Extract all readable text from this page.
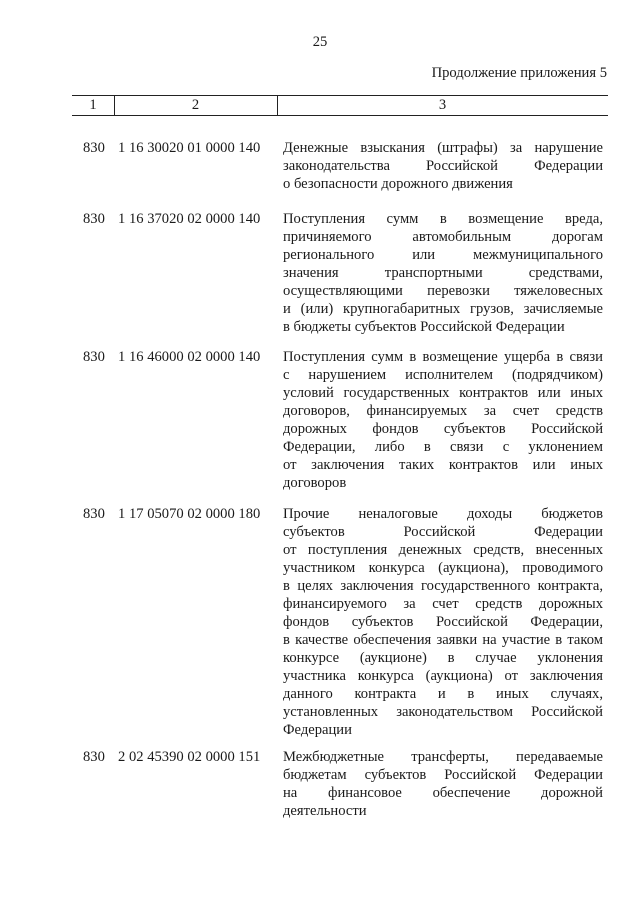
25
Продолжение приложения 5
1	2	3
830 1 16 30020 01 0000 140 Денежные взыскания (штрафы) за нарушение
законодательства Российской Федерации
о безопасности дорожного движения
830 1 16 37020 02 0000 140 Поступления сумм в возмещение вреда,
причиняемого автомобильным дорогам
регионального или межмуниципального
значения транспортными средствами,
осуществляющими перевозки тяжеловесных
и (или) крупногабаритных грузов, зачисляемые
в бюджеты субъектов Российской Федерации
830 1 16 46000 02 0000 140 Поступления сумм в возмещение ущерба в связи
с нарушением исполнителем (подрядчиком)
условий государственных контрактов или иных
договоров, финансируемых за счет средств
дорожных фондов субъектов Российской
Федерации, либо в связи с уклонением
от заключения таких контрактов или иных
договоров
830 1 17 05070 02 0000 180 Прочие неналоговые доходы бюджетов
субъектов Российской Федерации
от поступления денежных средств, внесенных
участником конкурса (аукциона), проводимого
в целях заключения государственного контракта,
финансируемого за счет средств дорожных
фондов субъектов Российской Федерации,
в качестве обеспечения заявки на участие в таком
конкурсе (аукционе) в случае уклонения
участника конкурса (аукциона) от заключения
данного контракта и в иных случаях,
установленных законодательством Российской
Федерации
830 2 02 45390 02 0000 151 Межбюджетные трансферты, передаваемые
бюджетам субъектов Российской Федерации
на финансовое обеспечение дорожной
деятельности
